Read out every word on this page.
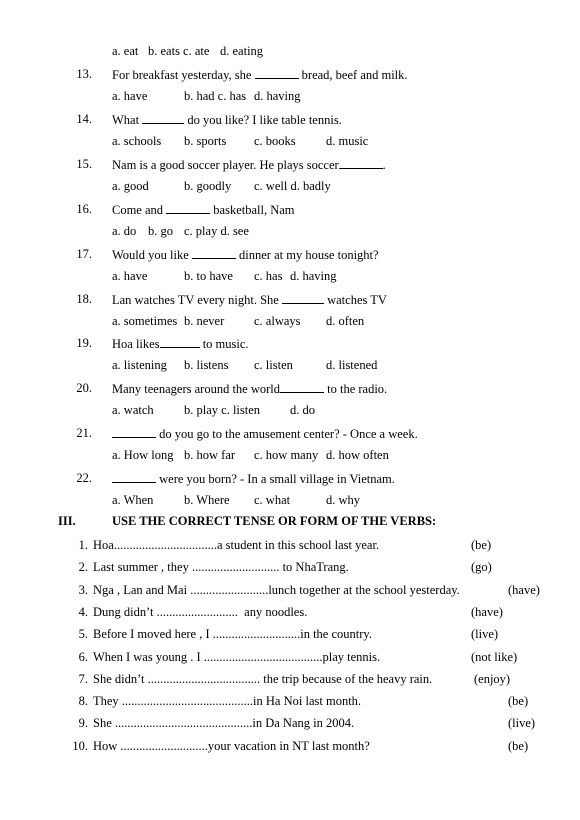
a. eat

b. eats c. ate

d. eating

13. For breakfast yesterday, she	bread, beef and milk.
a. have	b. had c. has d. having
14. What	do you like? I like table tennis.
a. schools b. sports c. books d. music
15. Nam is a good soccer player. He plays soccer	.
a. good	b. goodly c. well d. badly
16. Come and	basketball, Nam
a. do b. go c. play d. see
17. Would you like	dinner at my house tonight?
a. have	b. to have c. has d. having
18. Lan watches TV every night. She	watches TV
a. sometimes b. never c. always d. often
19. Hoa likes	to music.
a. listening b. listens c. listen	d. listened
20. Many teenagers around the world	to the radio.
a. watch b. play c. listen d. do
21.	do you go to the amusement center? - Once a week.
a. How long b. how far c. how many d. how often
22.	were you born? - In a small village in Vietnam.
a. When b. Where c. what	d. why
III.	USE THE CORRECT TENSE OR FORM OF THE VERBS:
1. Hoa.................................a student in this school last year.	(be)
2. Last summer , they ............................ to NhaTrang.	(go)
3. Nga , Lan and Mai .........................lunch together at the school yesterday.	(have)
4. Dung didn’t ..........................  any noodles.	(have)
5. Before I moved here , I ............................in the country.	(live)
6. When I was young . I ......................................play tennis.	(not like)
7. She didn’t .................................... the trip because of the heavy rain.	(enjoy)
8. They ..........................................in Ha Noi last month.	(be)
9. She ............................................in Da Nang in 2004.	(live)
10. How ............................your vacation in NT last month?	(be)
